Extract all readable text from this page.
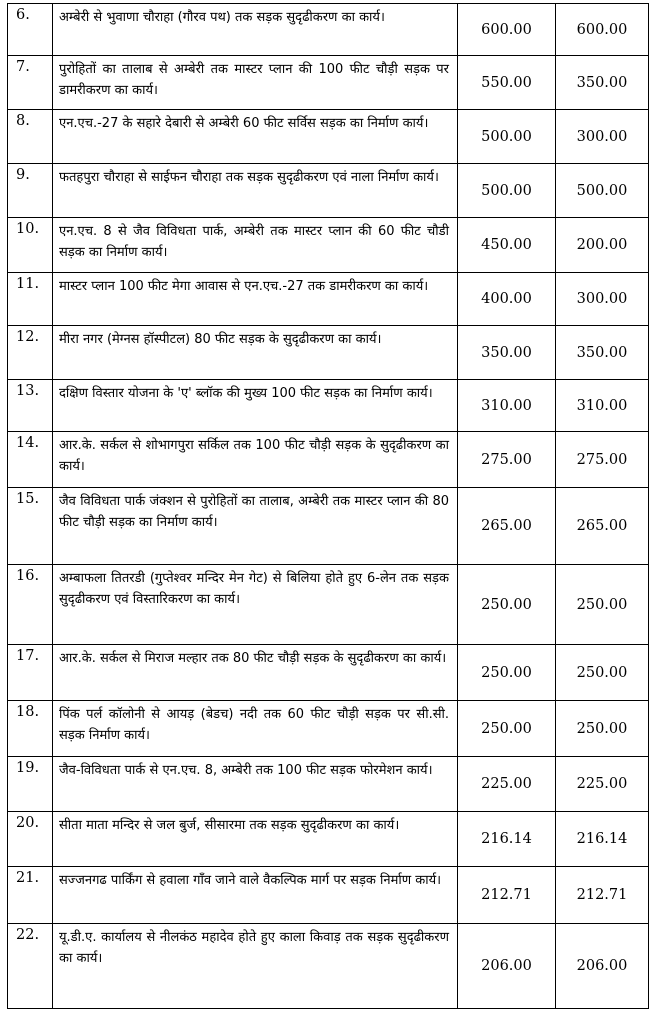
6.	अम्बेरी से भुवाणा चौराहा (गौरव पथ) तक सड़क सुदृढीकरण का कार्य।	600.00	600.00
7.	पुरोहितों का तालाब से अम्बेरी तक मास्टर प्लान की 100 फीट चौड़ी सड़क पर डामरीकरण का कार्य।	550.00	350.00
8.	एन.एच.-27 के सहारे देबारी से अम्बेरी 60 फीट सर्विस सड़क का निर्माण कार्य।	500.00	300.00
9.	फतहपुरा चौराहा से साईफन चौराहा तक सड़क सुदृढीकरण एवं नाला निर्माण कार्य।	500.00	500.00
10.	एन.एच. 8 से जैव विविधता पार्क, अम्बेरी तक मास्टर प्लान की 60 फीट चौडी सड़क का निर्माण कार्य।	450.00	200.00
11.	मास्टर प्लान 100 फीट मेगा आवास से एन.एच.-27 तक डामरीकरण का कार्य।	400.00	300.00
12.	मीरा नगर (मेग्नस हॉस्पीटल) 80 फीट सड़क के सुदृढीकरण का कार्य।	350.00	350.00
13.	दक्षिण विस्तार योजना के 'ए' ब्लॉक की मुख्य 100 फीट सड़क का निर्माण कार्य।	310.00	310.00
14.	आर.के. सर्कल से शोभागपुरा सर्किल तक 100 फीट चौड़ी सड़क के सुदृढीकरण का कार्य।	275.00	275.00
15.	जैव विविधता पार्क जंक्शन से पुरोहितों का तालाब, अम्बेरी तक मास्टर प्लान की 80 फीट चौड़ी सड़क का निर्माण कार्य।	265.00	265.00
16.	अम्बाफला तितरडी (गुप्तेश्वर मन्दिर मेन गेट) से बिलिया होते हुए 6-लेन तक सड़क सुदृढीकरण एवं विस्तारिकरण का कार्य।	250.00	250.00
17.	आर.के. सर्कल से मिराज मल्हार तक 80 फीट चौड़ी सड़क के सुदृढीकरण का कार्य।	250.00	250.00
18.	पिंक पर्ल कॉलोनी से आयड़ (बेडच) नदी तक 60 फीट चौड़ी सड़क पर सी.सी. सड़क निर्माण कार्य।	250.00	250.00
19.	जैव-विविधता पार्क से एन.एच. 8, अम्बेरी तक 100 फीट सड़क फोरमेशन कार्य।	225.00	225.00
20.	सीता माता मन्दिर से जल बुर्ज, सीसारमा तक सड़क सुदृढीकरण का कार्य।	216.14	216.14
21.	सज्जनगढ पार्किंग से हवाला गाँव जाने वाले वैकल्पिक मार्ग पर सड़क निर्माण कार्य।	212.71	212.71
22.	यू.डी.ए. कार्यालय से नीलकंठ महादेव होते हुए काला किवाड़ तक सड़क सुदृढीकरण का कार्य।	206.00	206.00
